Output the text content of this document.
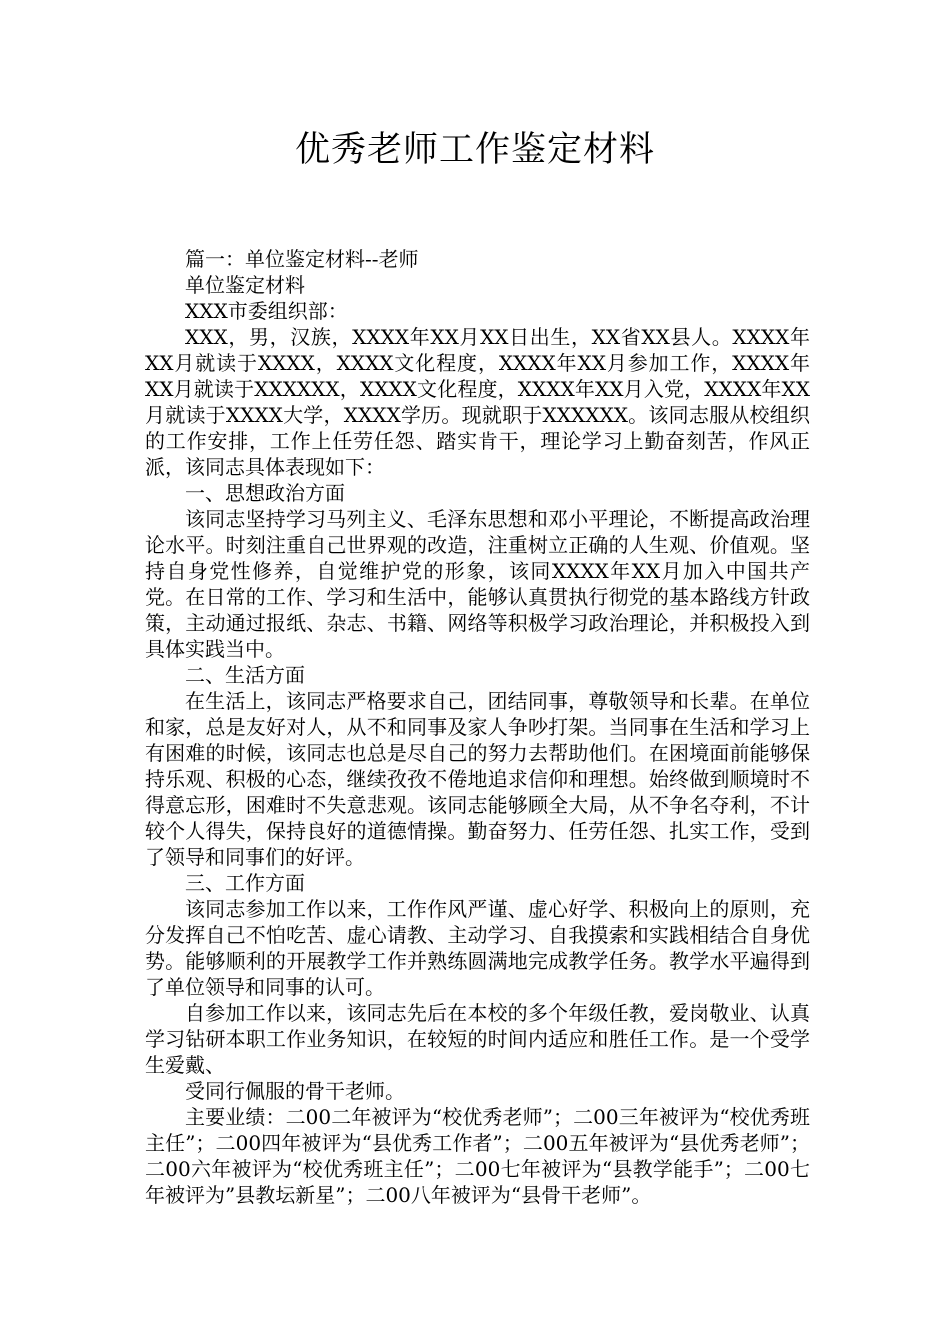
优秀老师工作鉴定材料

篇一：单位鉴定材料--老师

单位鉴定材料

XXX市委组织部：

XXX，男，汉族，XXXX年XX月XX日出生，XX省XX县人。XXXX年XX月就读于XXXX，XXXX文化程度，XXXX年XX月参加工作，XXXX年XX月就读于XXXXXX，XXXX文化程度，XXXX年XX月入党，XXXX年XX月就读于XXXX大学，XXXX学历。现就职于XXXXXX。该同志服从校组织的工作安排，工作上任劳任怨、踏实肯干，理论学习上勤奋刻苦，作风正派，该同志具体表现如下：

一、思想政治方面

该同志坚持学习马列主义、毛泽东思想和邓小平理论，不断提高政治理论水平。时刻注重自己世界观的改造，注重树立正确的人生观、价值观。坚持自身党性修养，自觉维护党的形象，该同XXXX年XX月加入中国共产党。在日常的工作、学习和生活中，能够认真贯执行彻党的基本路线方针政策，主动通过报纸、杂志、书籍、网络等积极学习政治理论，并积极投入到具体实践当中。

二、生活方面

在生活上，该同志严格要求自己，团结同事，尊敬领导和长辈。在单位和家，总是友好对人，从不和同事及家人争吵打架。当同事在生活和学习上有困难的时候，该同志也总是尽自己的努力去帮助他们。在困境面前能够保持乐观、积极的心态，继续孜孜不倦地追求信仰和理想。始终做到顺境时不得意忘形，困难时不失意悲观。该同志能够顾全大局，从不争名夺利，不计较个人得失，保持良好的道德情操。勤奋努力、任劳任怨、扎实工作，受到了领导和同事们的好评。

三、工作方面

该同志参加工作以来，工作作风严谨、虚心好学、积极向上的原则，充分发挥自己不怕吃苦、虚心请教、主动学习、自我摸索和实践相结合自身优势。能够顺利的开展教学工作并熟练圆满地完成教学任务。教学水平遍得到了单位领导和同事的认可。

自参加工作以来，该同志先后在本校的多个年级任教，爱岗敬业、认真学习钻研本职工作业务知识，在较短的时间内适应和胜任工作。是一个受学生爱戴、

受同行佩服的骨干老师。

主要业绩：二00二年被评为“校优秀老师”；二00三年被评为“校优秀班主任”；二00四年被评为“县优秀工作者”；二00五年被评为“县优秀老师”；二00六年被评为“校优秀班主任”；二00七年被评为“县教学能手”；二00七年被评为”县教坛新星”；二00八年被评为“县骨干老师”。
